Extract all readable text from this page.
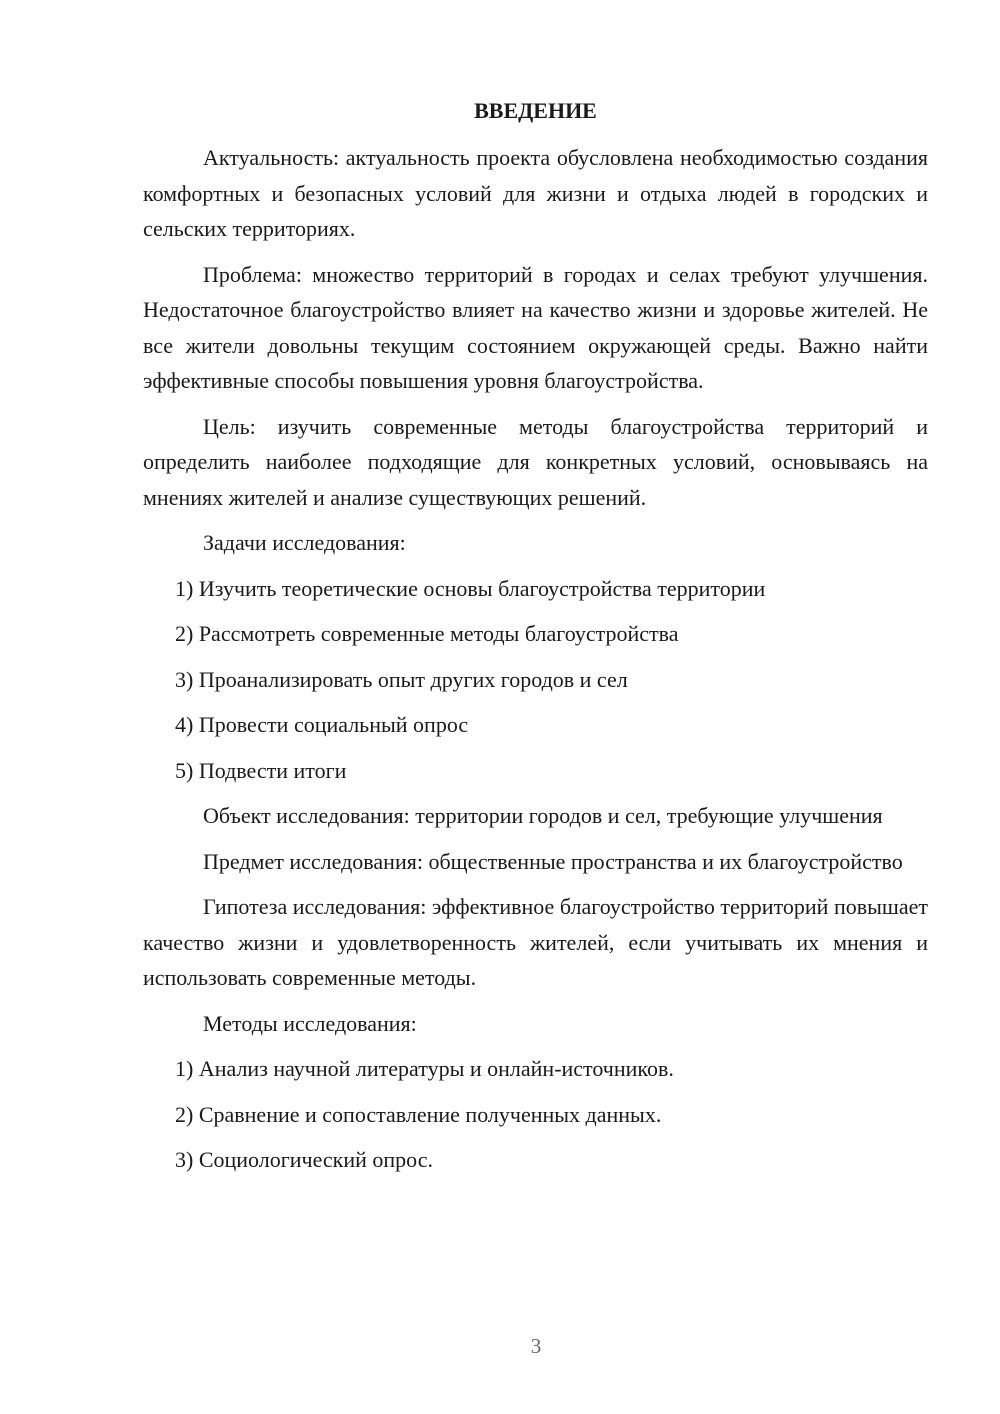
ВВЕДЕНИЕ

Актуальность: актуальность проекта обусловлена необходимостью создания комфортных и безопасных условий для жизни и отдыха людей в городских и сельских территориях.

Проблема: множество территорий в городах и селах требуют улучшения. Недостаточное благоустройство влияет на качество жизни и здоровье жителей. Не все жители довольны текущим состоянием окружающей среды. Важно найти эффективные способы повышения уровня благоустройства.

Цель: изучить современные методы благоустройства территорий и определить наиболее подходящие для конкретных условий, основываясь на мнениях жителей и анализе существующих решений.

Задачи исследования:

1) Изучить теоретические основы благоустройства территории
2) Рассмотреть современные методы благоустройства
3) Проанализировать опыт других городов и сел
4) Провести социальный опрос
5) Подвести итоги

Объект исследования: территории городов и сел, требующие улучшения

Предмет исследования: общественные пространства и их благоустройство

Гипотеза исследования: эффективное благоустройство территорий повышает качество жизни и удовлетворенность жителей, если учитывать их мнения и использовать современные методы.

Методы исследования:

1) Анализ научной литературы и онлайн-источников.
2) Сравнение и сопоставление полученных данных.
3) Социологический опрос.
3
